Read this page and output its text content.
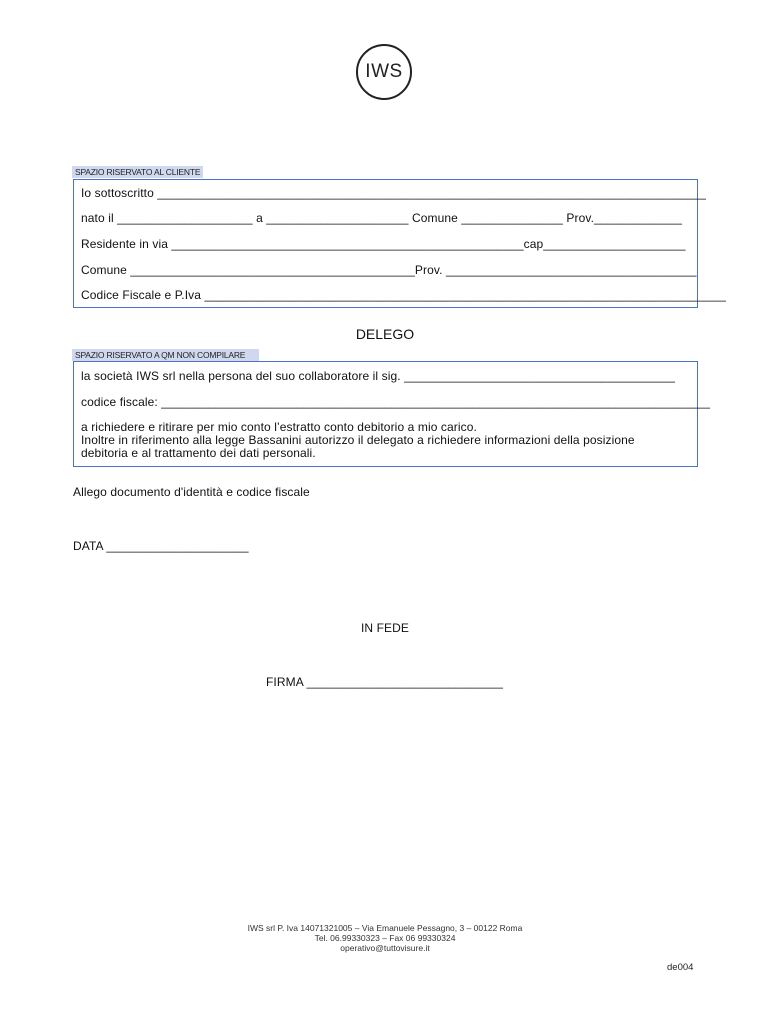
IWS
SPAZIO RISERVATO AL CLIENTE
Io sottoscritto _________________________________________________________________________________
nato il ____________________ a _____________________ Comune _______________ Prov._____________
Residente in via ____________________________________________________cap_____________________
Comune __________________________________________Prov. _____________________________________
Codice Fiscale e P.Iva _____________________________________________________________________________
DELEGO
SPAZIO RISERVATO A QM NON COMPILARE
la società IWS srl nella persona del suo collaboratore il sig. ________________________________________
codice fiscale: _________________________________________________________________________________
a richiedere e ritirare per mio conto l’estratto conto debitorio a mio carico.
Inoltre in riferimento alla legge Bassanini autorizzo il delegato a richiedere informazioni della posizione
debitoria e al trattamento dei dati personali.
Allego documento d'identità e codice fiscale
DATA _____________________
IN FEDE
FIRMA _____________________________
IWS srl P. Iva 14071321005 – Via Emanuele Pessagno, 3 – 00122 Roma
Tel. 06.99330323 – Fax 06 99330324
operativo@tuttovisure.it
de004
